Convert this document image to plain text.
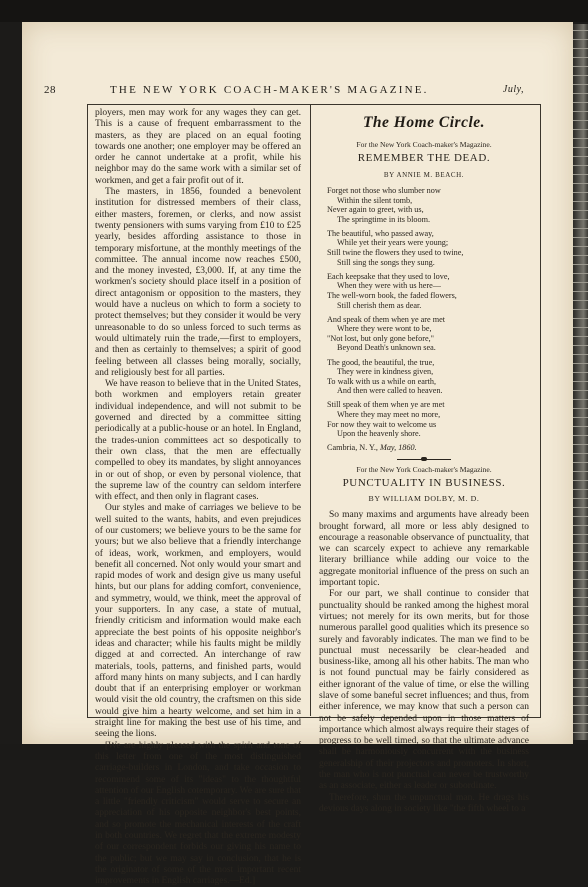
28	THE NEW YORK COACH-MAKER'S MAGAZINE.	July,

ployers, men may work for any wages they can get. This is a cause of frequent embarrassment to the masters, as they are placed on an equal footing towards one another; one employer may be offered an order he cannot undertake at a profit, while his neighbor may do the same work with a similar set of workmen, and get a fair profit out of it.

The masters, in 1856, founded a benevolent institution for distressed members of their class, either masters, foremen, or clerks, and now assist twenty pensioners with sums varying from £10 to £25 yearly, besides affording assistance to those in temporary misfortune, at the monthly meetings of the committee. The annual income now reaches £500, and the money invested, £3,000. If, at any time the workmen's society should place itself in a position of direct antagonism or opposition to the masters, they would have a nucleus on which to form a society to protect themselves; but they consider it would be very unreasonable to do so unless forced to such terms as would ultimately ruin the trade,—first to employers, and then as certainly to themselves; a spirit of good feeling between all classes being morally, socially, and religiously best for all parties.

We have reason to believe that in the United States, both workmen and employers retain greater individual independence, and will not submit to be governed and directed by a committee sitting periodically at a public-house or an hotel. In England, the trades-union committees act so despotically to their own class, that the men are effectually compelled to obey its mandates, by slight annoyances in or out of shop, or even by personal violence, that the supreme law of the country can seldom interfere with effect, and then only in flagrant cases.

Our styles and make of carriages we believe to be well suited to the wants, habits, and even prejudices of our customers; we believe yours to be the same for yours; but we also believe that a friendly interchange of ideas, work, workmen, and employers, would benefit all concerned. Not only would your smart and rapid modes of work and design give us many useful hints, but our plans for adding comfort, convenience, and symmetry, would, we think, meet the approval of your supporters. In any case, a state of mutual, friendly criticism and information would make each appreciate the best points of his opposite neighbor's ideas and character; while his faults might be mildly digged at and corrected. An interchange of raw materials, tools, patterns, and finished parts, would afford many hints on many subjects, and I can hardly doubt that if an enterprising employer or workman would visit the old country, the craftsmen on this side would give him a hearty welcome, and set him in a straight line for making the best use of his time, and seeing the lions.

[We are highly pleased with the spirit and tone of this letter from one of the most distinguished carriage-builders in London, and take occasion to recommend some of its "ideas" to the thoughtful attention of our English cotemporary. We are sure that a little "friendly criticism" would serve to secure an appreciation of his opposite neighbor's best points, and so promote the mechanical interests of the craft in both countries. We regret that the extreme modesty of our correspondent forbids our giving his name to the public; but we may say in conclusion, that he is the originator of some of the most important recent improvements in English carriages.—Ed.]

The Home Circle.
For the New York Coach-maker's Magazine.
REMEMBER THE DEAD.
BY ANNIE M. BEACH.
Forget not those who slumber now
Within the silent tomb,
Never again to greet, with us,
The springtime in its bloom.
The beautiful, who passed away,
While yet their years were young;
Still twine the flowers they used to twine,
Still sing the songs they sung.
Each keepsake that they used to love,
When they were with us here—
The well-worn book, the faded flowers,
Still cherish them as dear.
And speak of them when ye are met
Where they were wont to be,
"Not lost, but only gone before,"
Beyond Death's unknown sea.
The good, the beautiful, the true,
They were in kindness given,
To walk with us a while on earth,
And then were called to heaven.
Still speak of them when ye are met
Where they may meet no more,
For now they wait to welcome us
Upon the heavenly shore.
Cambria, N. Y., May, 1860.
For the New York Coach-maker's Magazine.
PUNCTUALITY IN BUSINESS.
BY WILLIAM DOLBY, M. D.

So many maxims and arguments have already been brought forward, all more or less ably designed to encourage a reasonable observance of punctuality, that we can scarcely expect to achieve any remarkable literary brilliance while adding our voice to the aggregate monitorial influence of the press on such an important topic.

For our part, we shall continue to consider that punctuality should be ranked among the highest moral virtues; not merely for its own merits, but for those numerous parallel good qualities which its presence so surely and favorably indicates. The man we find to be punctual must necessarily be clear-headed and business-like, among all his other habits. The man who is not found punctual may be fairly considered as either ignorant of the value of time, or else the willing slave of some baneful secret influences; and thus, from either inference, we may know that such a person can not be safely depended upon in those matters of importance which almost always require their stages of progress to be well timed, so that the ultimate advance shall be harmoniously concurrent with the business generalship of their projectors and promoters. In short, the man who is not punctual can never be trustworthy as an associate, either as leader or subordinate.

Therefore, shun the unpunctual man. He drags his devious days along in society like "the fifth wheel to a
